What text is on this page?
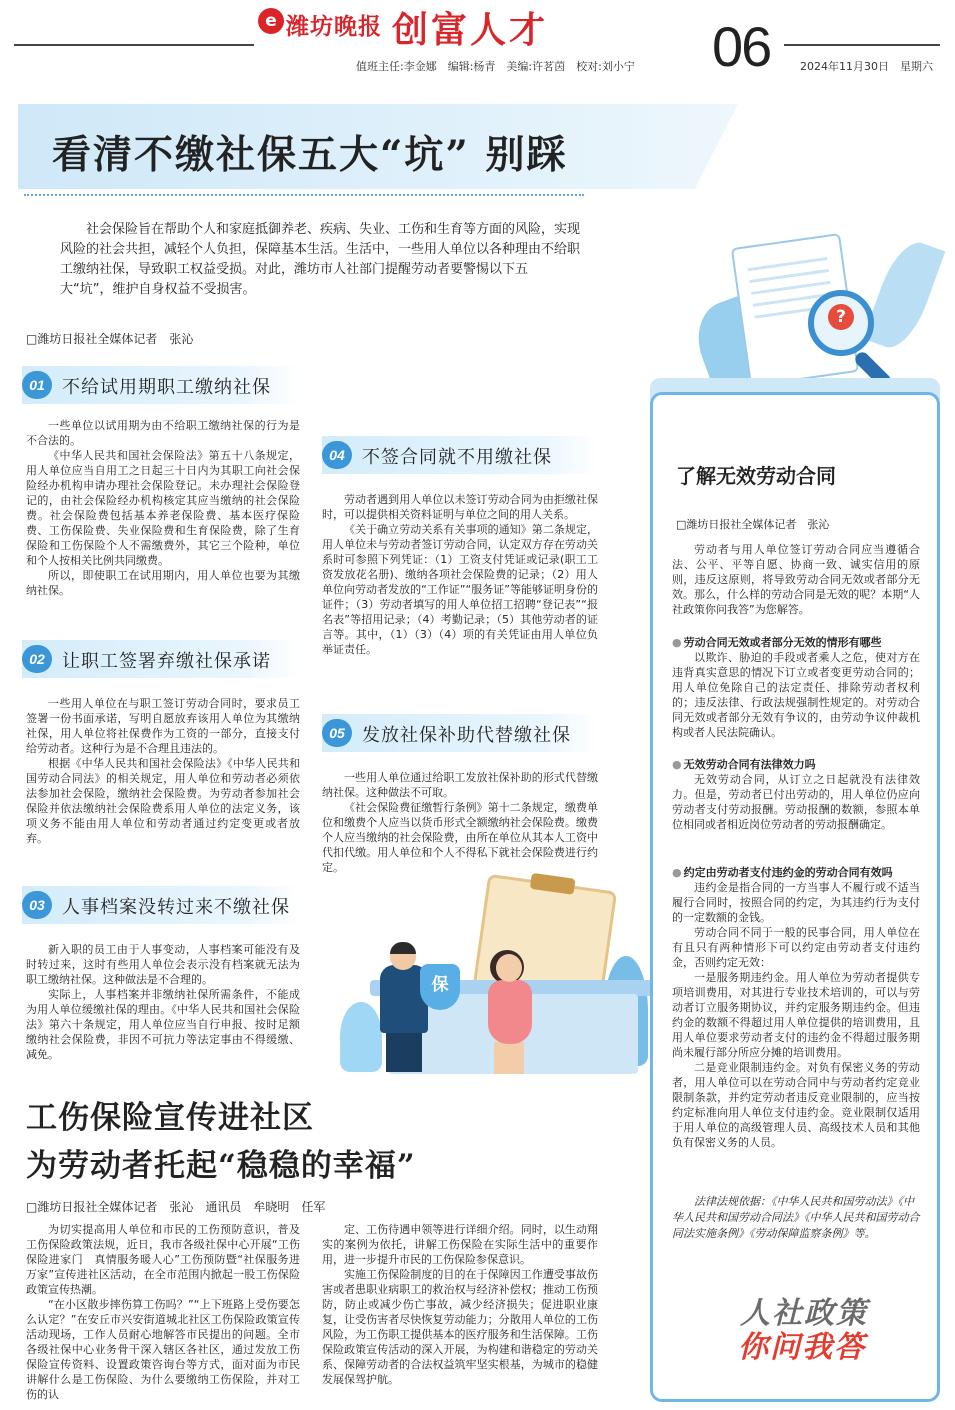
e 潍坊晚报 创富人才
值班主任:李金娜　编辑:杨青　美编:许茗茵　校对:刘小宁 06	2024年11月30日　星期六
看清不缴社保五大“坑” 别踩
社会保险旨在帮助个人和家庭抵御养老、疾病、失业、工伤和生育等方面的风险，实现风险的社会共担，减轻个人负担，保障基本生活。生活中，一些用人单位以各种理由不给职工缴纳社保，导致职工权益受损。对此，潍坊市人社部门提醒劳动者要警惕以下五大“坑”，维护自身权益不受损害。
□潍坊日报社全媒体记者　张沁
?
01 不给试用期职工缴纳社保

一些单位以试用期为由不给职工缴纳社保的行为是不合法的。

《中华人民共和国社会保险法》第五十八条规定，用人单位应当自用工之日起三十日内为其职工向社会保险经办机构申请办理社会保险登记。未办理社会保险登记的，由社会保险经办机构核定其应当缴纳的社会保险费。社会保险费包括基本养老保险费、基本医疗保险费、工伤保险费、失业保险费和生育保险费，除了生育保险和工伤保险个人不需缴费外，其它三个险种，单位和个人按相关比例共同缴费。

所以，即使职工在试用期内，用人单位也要为其缴纳社保。

02 让职工签署弃缴社保承诺

一些用人单位在与职工签订劳动合同时，要求员工签署一份书面承诺，写明自愿放弃该用人单位为其缴纳社保，用人单位将社保费作为工资的一部分，直接支付给劳动者。这种行为是不合理且违法的。

根据《中华人民共和国社会保险法》《中华人民共和国劳动合同法》的相关规定，用人单位和劳动者必须依法参加社会保险，缴纳社会保险费。为劳动者参加社会保险并依法缴纳社会保险费系用人单位的法定义务，该项义务不能由用人单位和劳动者通过约定变更或者放弃。

03 人事档案没转过来不缴社保

新入职的员工由于人事变动，人事档案可能没有及时转过来，这时有些用人单位会表示没有档案就无法为职工缴纳社保。这种做法是不合理的。

实际上，人事档案并非缴纳社保所需条件，不能成为用人单位缓缴社保的理由。《中华人民共和国社会保险法》第六十条规定，用人单位应当自行申报、按时足额缴纳社会保险费，非因不可抗力等法定事由不得缓缴、减免。

04 不签合同就不用缴社保

劳动者遇到用人单位以未签订劳动合同为由拒缴社保时，可以提供相关资料证明与单位之间的用人关系。

《关于确立劳动关系有关事项的通知》第二条规定，用人单位未与劳动者签订劳动合同，认定双方存在劳动关系时可参照下列凭证：（1）工资支付凭证或记录(职工工资发放花名册)、缴纳各项社会保险费的记录；（2）用人单位向劳动者发放的“工作证”“服务证”等能够证明身份的证件；（3）劳动者填写的用人单位招工招聘“登记表”“报名表”等招用记录；（4）考勤记录；（5）其他劳动者的证言等。其中，（1）（3）（4）项的有关凭证由用人单位负举证责任。

05 发放社保补助代替缴社保

一些用人单位通过给职工发放社保补助的形式代替缴纳社保。这种做法不可取。

《社会保险费征缴暂行条例》第十二条规定，缴费单位和缴费个人应当以货币形式全额缴纳社会保险费。缴费个人应当缴纳的社会保险费，由所在单位从其本人工资中代扣代缴。用人单位和个人不得私下就社会保险费进行约定。

保
了解无效劳动合同
□潍坊日报社全媒体记者　张沁

劳动者与用人单位签订劳动合同应当遵循合法、公平、平等自愿、协商一致、诚实信用的原则，违反这原则，将导致劳动合同无效或者部分无效。那么，什么样的劳动合同是无效的呢？本期“人社政策你问我答”为您解答。

● 劳动合同无效或者部分无效的情形有哪些

以欺诈、胁迫的手段或者乘人之危，使对方在违背真实意思的情况下订立或者变更劳动合同的；用人单位免除自己的法定责任、排除劳动者权利的；违反法律、行政法规强制性规定的。对劳动合同无效或者部分无效有争议的，由劳动争议仲裁机构或者人民法院确认。

● 无效劳动合同有法律效力吗

无效劳动合同，从订立之日起就没有法律效力。但是，劳动者已付出劳动的，用人单位仍应向劳动者支付劳动报酬。劳动报酬的数额，参照本单位相同或者相近岗位劳动者的劳动报酬确定。

● 约定由劳动者支付违约金的劳动合同有效吗

违约金是指合同的一方当事人不履行或不适当履行合同时，按照合同的约定，为其违约行为支付的一定数额的金钱。

劳动合同不同于一般的民事合同，用人单位在有且只有两种情形下可以约定由劳动者支付违约金，否则约定无效：

一是服务期违约金。用人单位为劳动者提供专项培训费用，对其进行专业技术培训的，可以与劳动者订立服务期协议，并约定服务期违约金。但违约金的数额不得超过用人单位提供的培训费用，且用人单位要求劳动者支付的违约金不得超过服务期尚未履行部分所应分摊的培训费用。

二是竞业限制违约金。对负有保密义务的劳动者，用人单位可以在劳动合同中与劳动者约定竞业限制条款，并约定劳动者违反竞业限制的，应当按约定标准向用人单位支付违约金。竞业限制仅适用于用人单位的高级管理人员、高级技术人员和其他负有保密义务的人员。

法律法规依据：《中华人民共和国劳动法》《中华人民共和国劳动合同法》《中华人民共和国劳动合同法实施条例》《劳动保障监察条例》等。
人社政策
你问我答
工伤保险宣传进社区
为劳动者托起“稳稳的幸福”
□潍坊日报社全媒体记者　张沁　通讯员　牟晓明　任军

为切实提高用人单位和市民的工伤预防意识，普及工伤保险政策法规，近日，我市各级社保中心开展“工伤保险进家门　真情服务暖人心”工伤预防暨“社保服务进万家”宣传进社区活动，在全市范围内掀起一股工伤保险政策宣传热潮。

“在小区散步摔伤算工伤吗？”“上下班路上受伤要怎么认定？”在安丘市兴安街道城北社区工伤保险政策宣传活动现场，工作人员耐心地解答市民提出的问题。全市各级社保中心业务骨干深入辖区各社区，通过发放工伤保险宣传资料、设置政策咨询台等方式，面对面为市民讲解什么是工伤保险、为什么要缴纳工伤保险，并对工伤的认

定、工伤待遇申领等进行详细介绍。同时，以生动翔实的案例为依托，讲解工伤保险在实际生活中的重要作用，进一步提升市民的工伤保险参保意识。

实施工伤保险制度的目的在于保障因工作遭受事故伤害或者患职业病职工的救治权与经济补偿权；推动工伤预防，防止或减少伤亡事故，减少经济损失；促进职业康复，让受伤害者尽快恢复劳动能力；分散用人单位的工伤风险，为工伤职工提供基本的医疗服务和生活保障。工伤保险政策宣传活动的深入开展，为构建和谐稳定的劳动关系、保障劳动者的合法权益筑牢坚实根基，为城市的稳健发展保驾护航。
